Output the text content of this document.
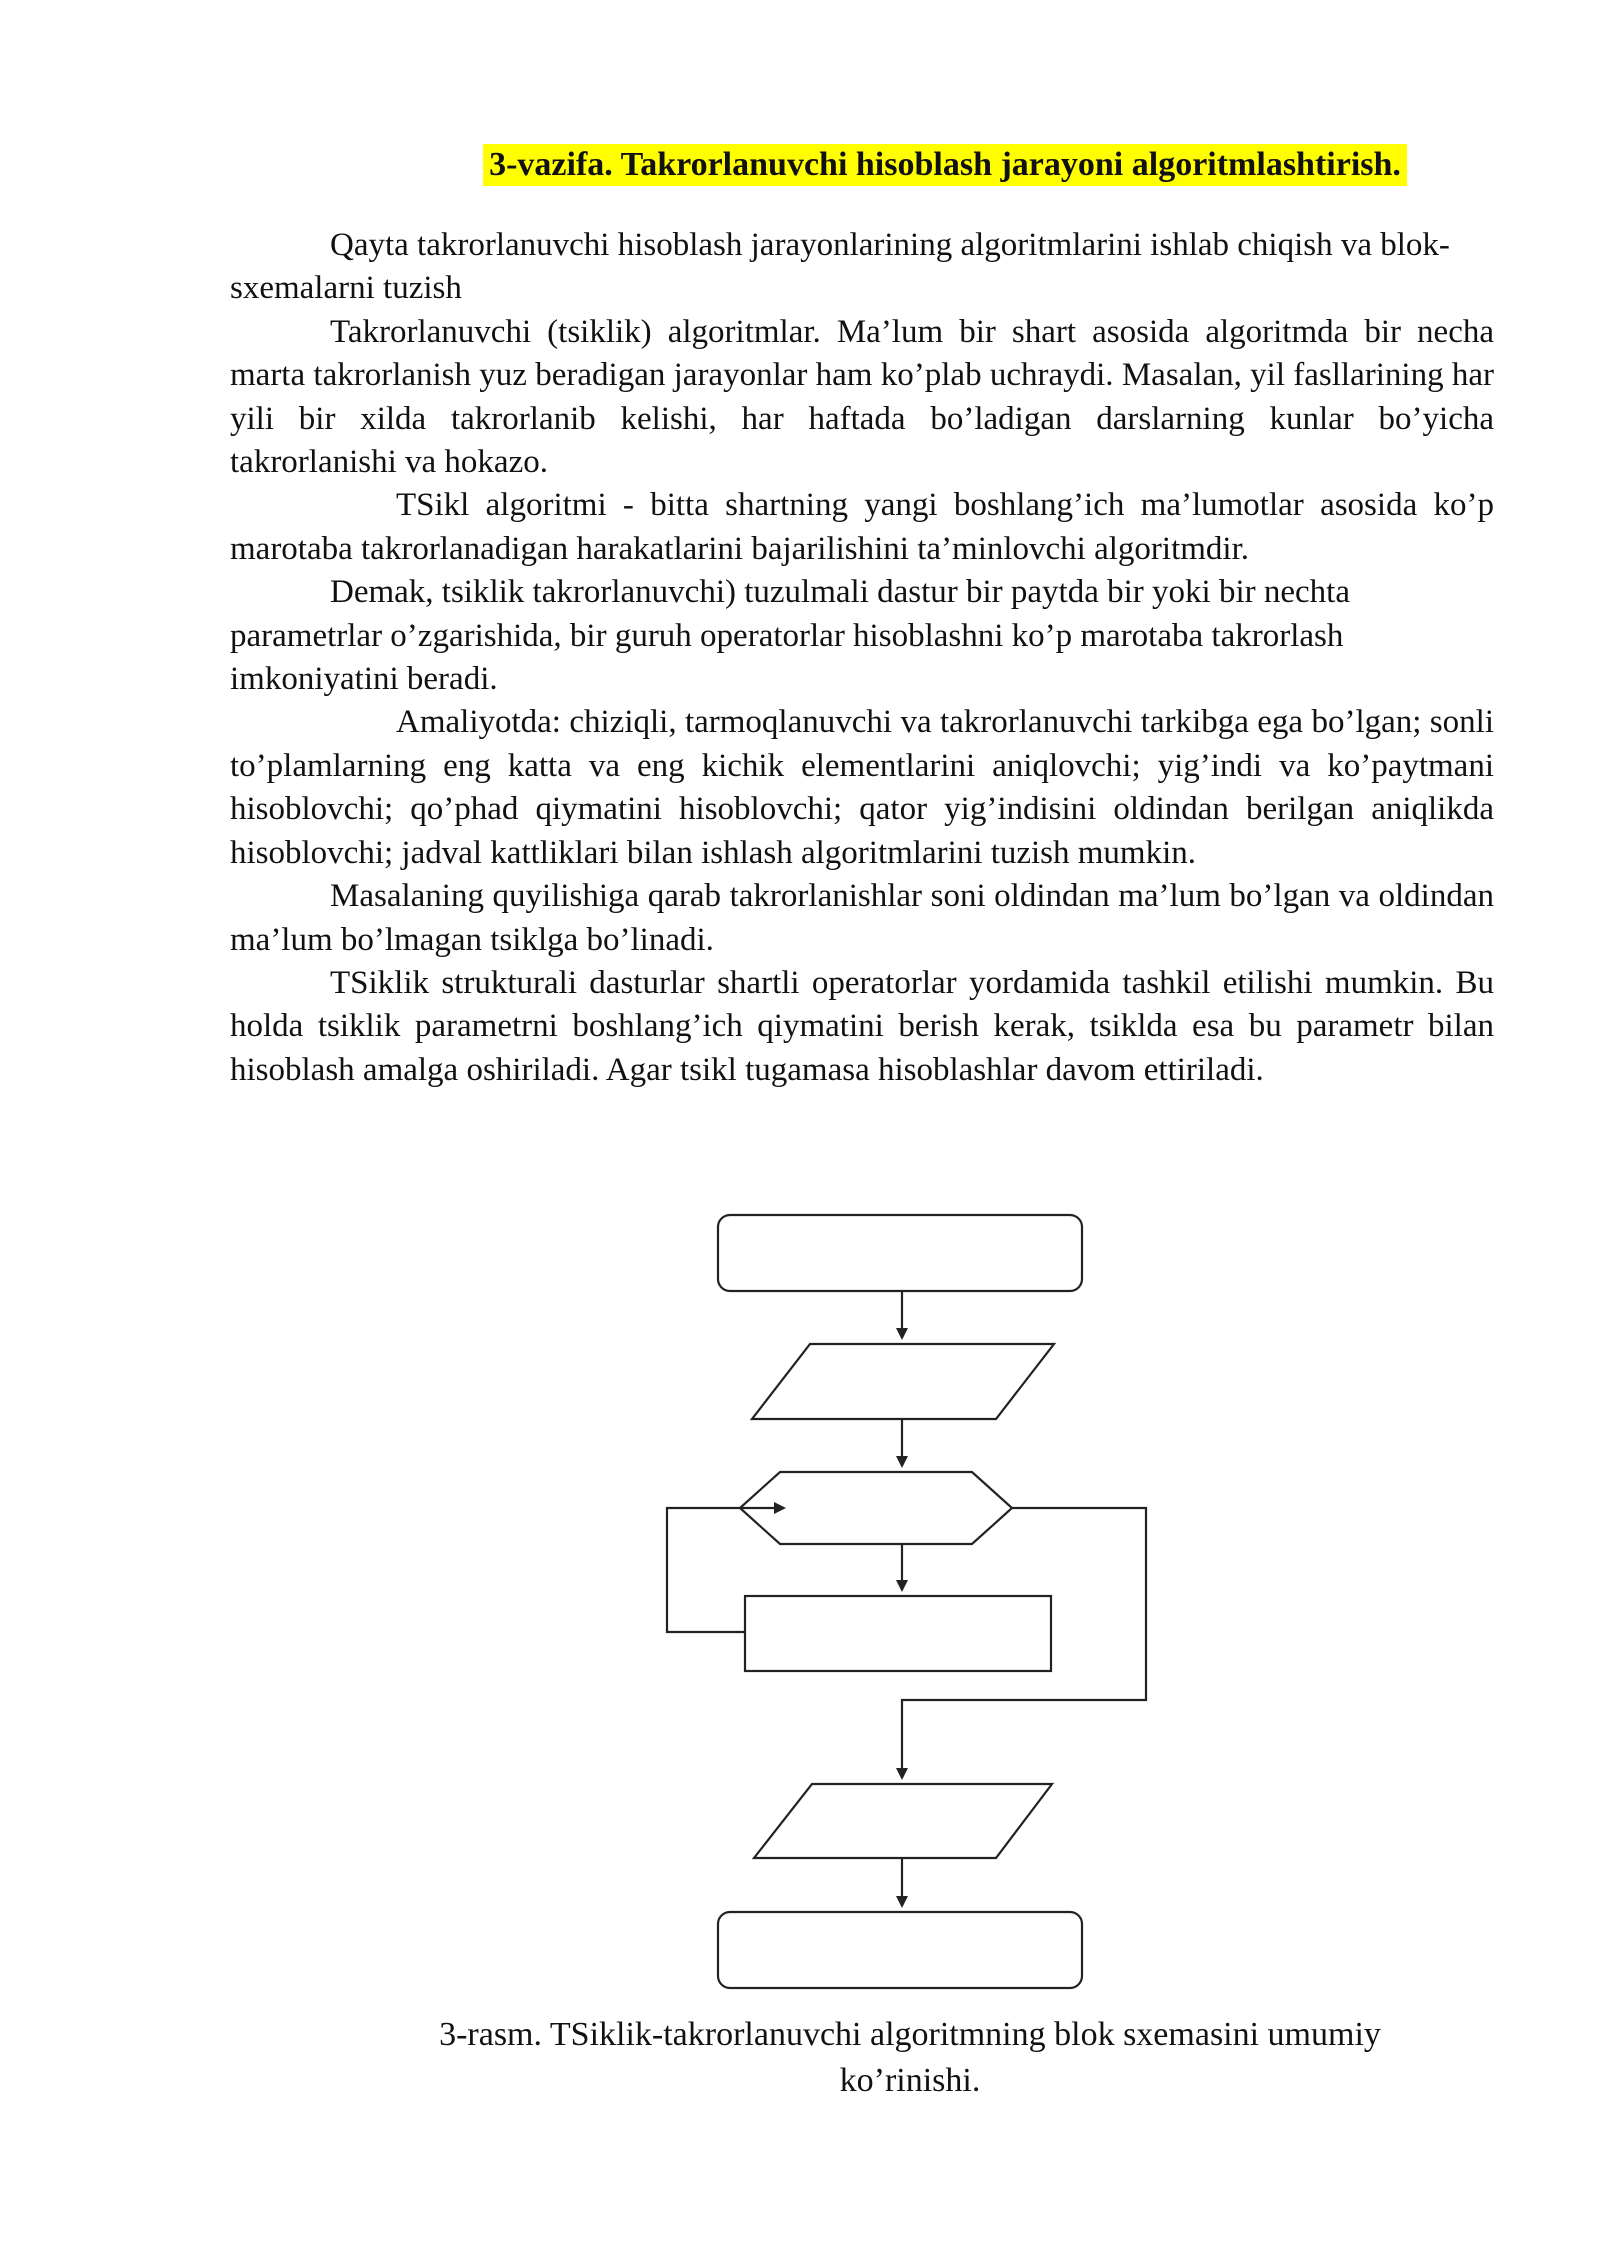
3-vazifa. Takrorlanuvchi hisoblash jarayoni algoritmlashtirish.

Qayta takrorlanuvchi hisoblash jarayonlarining algoritmlarini ishlab chiqish va blok-sxemalarni tuzish

Takrorlanuvchi (tsiklik) algoritmlar. Ma’lum bir shart asosida algoritmda bir necha marta takrorlanish yuz beradigan jarayonlar ham ko’plab uchraydi. Masalan, yil fasllarining har yili bir xilda takrorlanib kelishi, har haftada bo’ladigan darslarning kunlar bo’yicha takrorlanishi va hokazo.

TSikl algoritmi - bitta shartning yangi boshlang’ich ma’lumotlar asosida ko’p marotaba takrorlanadigan harakatlarini bajarilishini ta’minlovchi algoritmdir.

Demak, tsiklik takrorlanuvchi) tuzulmali dastur bir paytda bir yoki bir nechta parametrlar o’zgarishida, bir guruh operatorlar hisoblashni ko’p marotaba takrorlash imkoniyatini beradi.

Amaliyotda: chiziqli, tarmoqlanuvchi va takrorlanuvchi tarkibga ega bo’lgan; sonli to’plamlarning eng katta va eng kichik elementlarini aniqlovchi; yig’indi va ko’paytmani hisoblovchi; qo’phad qiymatini hisoblovchi; qator yig’indisini oldindan berilgan aniqlikda hisoblovchi; jadval kattliklari bilan ishlash algoritmlarini tuzish mumkin.

Masalaning quyilishiga qarab takrorlanishlar soni oldindan ma’lum bo’lgan va oldindan ma’lum bo’lmagan tsiklga bo’linadi.

TSiklik strukturali dasturlar shartli operatorlar yordamida tashkil etilishi mumkin. Bu holda tsiklik parametrni boshlang’ich qiymatini berish kerak, tsiklda esa bu parametr bilan hisoblash amalga oshiriladi. Agar tsikl tugamasa hisoblashlar davom ettiriladi.

3-rasm. TSiklik-takrorlanuvchi algoritmning blok sxemasini umumiy ko’rinishi.
